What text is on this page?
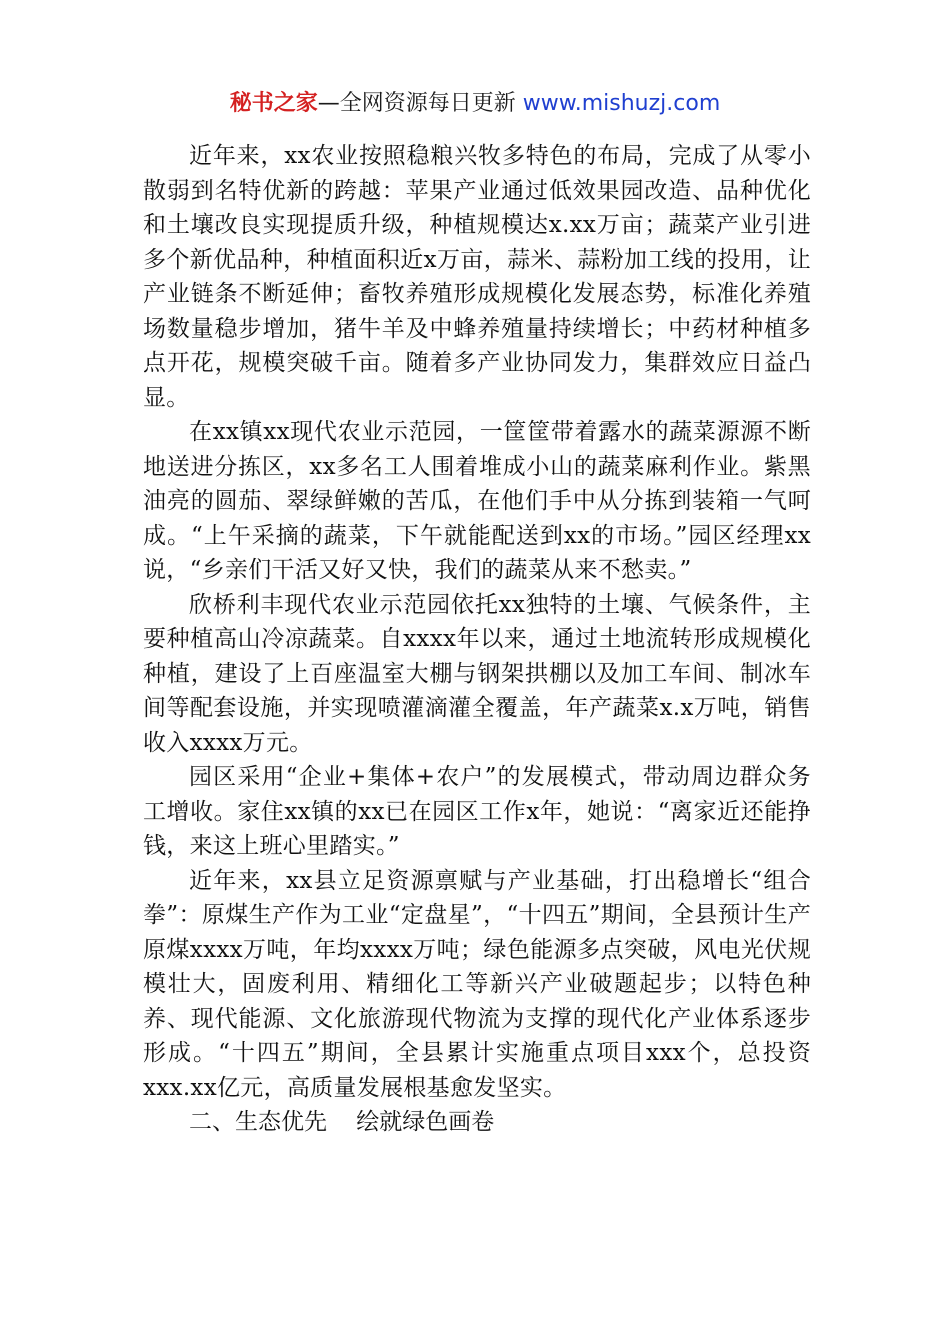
秘书之家—全网资源每日更新 www.mishuzj.com

近年来，xx农业按照稳粮兴牧多特色的布局，完成了从零小散弱到名特优新的跨越：苹果产业通过低效果园改造、品种优化和土壤改良实现提质升级，种植规模达x.xx万亩；蔬菜产业引进多个新优品种，种植面积近x万亩，蒜米、蒜粉加工线的投用，让产业链条不断延伸；畜牧养殖形成规模化发展态势，标准化养殖场数量稳步增加，猪牛羊及中蜂养殖量持续增长；中药材种植多点开花，规模突破千亩。随着多产业协同发力，集群效应日益凸显。

在xx镇xx现代农业示范园，一筐筐带着露水的蔬菜源源不断地送进分拣区，xx多名工人围着堆成小山的蔬菜麻利作业。紫黑油亮的圆茄、翠绿鲜嫩的苦瓜，在他们手中从分拣到装箱一气呵成。“上午采摘的蔬菜，下午就能配送到xx的市场。”园区经理xx说，“乡亲们干活又好又快，我们的蔬菜从来不愁卖。”

欣桥利丰现代农业示范园依托xx独特的土壤、气候条件，主要种植高山冷凉蔬菜。自xxxx年以来，通过土地流转形成规模化种植，建设了上百座温室大棚与钢架拱棚以及加工车间、制冰车间等配套设施，并实现喷灌滴灌全覆盖，年产蔬菜x.x万吨，销售收入xxxx万元。

园区采用“企业+集体+农户”的发展模式，带动周边群众务工增收。家住xx镇的xx已在园区工作x年，她说：“离家近还能挣钱，来这上班心里踏实。”

近年来，xx县立足资源禀赋与产业基础，打出稳增长“组合拳”：原煤生产作为工业“定盘星”，“十四五”期间，全县预计生产原煤xxxx万吨，年均xxxx万吨；绿色能源多点突破，风电光伏规模壮大，固废利用、精细化工等新兴产业破题起步；以特色种养、现代能源、文化旅游现代物流为支撑的现代化产业体系逐步形成。“十四五”期间，全县累计实施重点项目xxx个，总投资xxx.xx亿元，高质量发展根基愈发坚实。

二、生态优先    绘就绿色画卷
